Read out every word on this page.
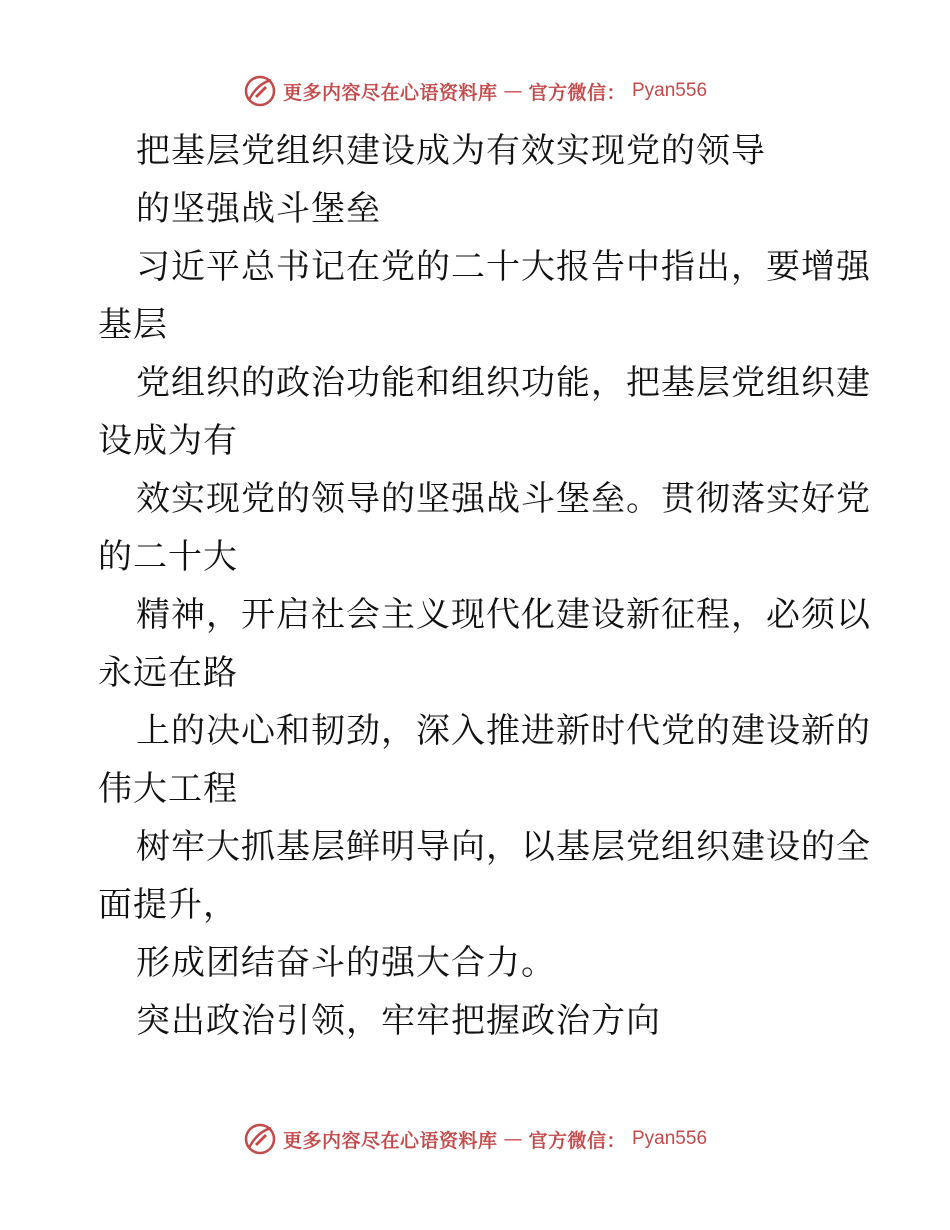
更多内容尽在心语资料库 — 官方微信： Pyan556
把基层党组织建设成为有效实现党的领导
的坚强战斗堡垒
习近平总书记在党的二十大报告中指出，要增强
基层
党组织的政治功能和组织功能，把基层党组织建
设成为有
效实现党的领导的坚强战斗堡垒。贯彻落实好党
的二十大
精神，开启社会主义现代化建设新征程，必须以
永远在路
上的决心和韧劲，深入推进新时代党的建设新的
伟大工程
树牢大抓基层鲜明导向，以基层党组织建设的全
面提升，
形成团结奋斗的强大合力。
突出政治引领，牢牢把握政治方向
更多内容尽在心语资料库 — 官方微信： Pyan556
